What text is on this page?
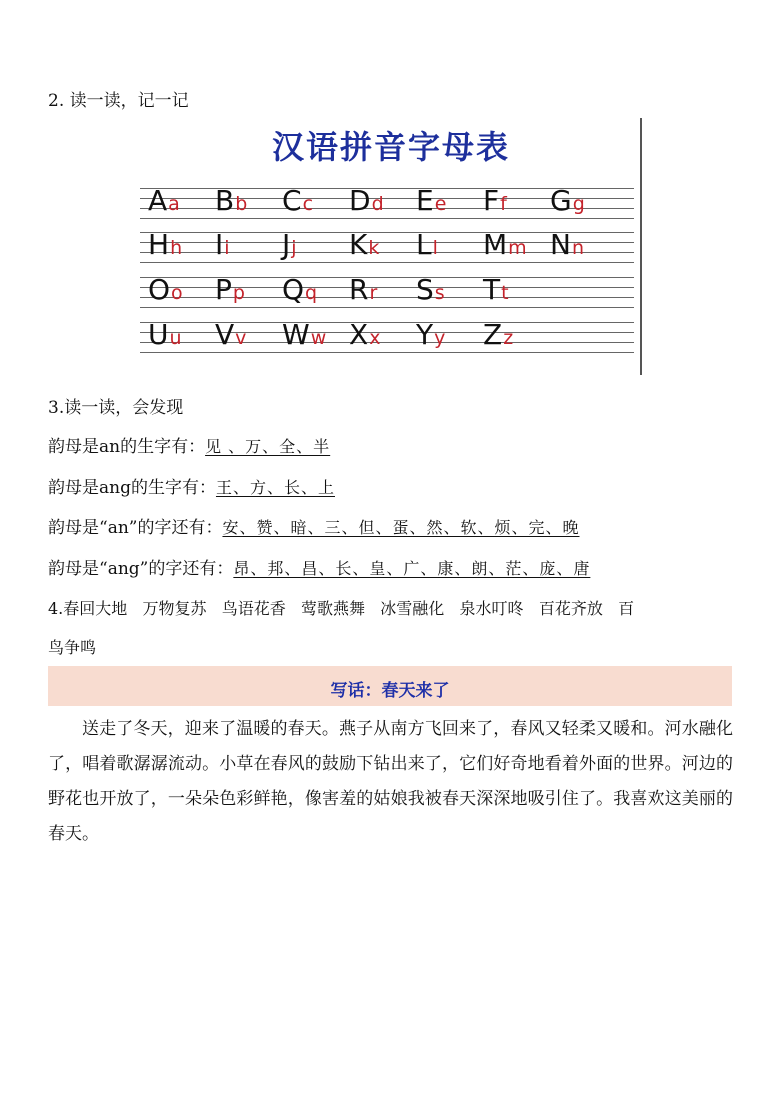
2. 读一读，记一记
汉语拼音字母表
Aa Bb Cc Dd Ee Ff Gg
Hh Ii Jj Kk Ll Mm Nn
Oo Pp Qq Rr Ss Tt
Uu Vv Ww Xx Yy Zz
3.读一读，会发现
韵母是an的生字有：见 、万、全、半
韵母是ang的生字有：王、方、长、上
韵母是“an”的字还有：安、赞、暗、三、但、蛋、然、软、烦、完、晚
韵母是“ang”的字还有：昂、邦、昌、长、皇、广、康、朗、茫、庞、唐
4.春回大地   万物复苏   鸟语花香   莺歌燕舞   冰雪融化   泉水叮咚   百花齐放   百
鸟争鸣
写话：春天来了
送走了冬天，迎来了温暖的春天。燕子从南方飞回来了，春风又轻柔又暖和。河水融化了，唱着歌潺潺流动。小草在春风的鼓励下钻出来了，它们好奇地看着外面的世界。河边的野花也开放了，一朵朵色彩鲜艳，像害羞的姑娘我被春天深深地吸引住了。我喜欢这美丽的春天。
